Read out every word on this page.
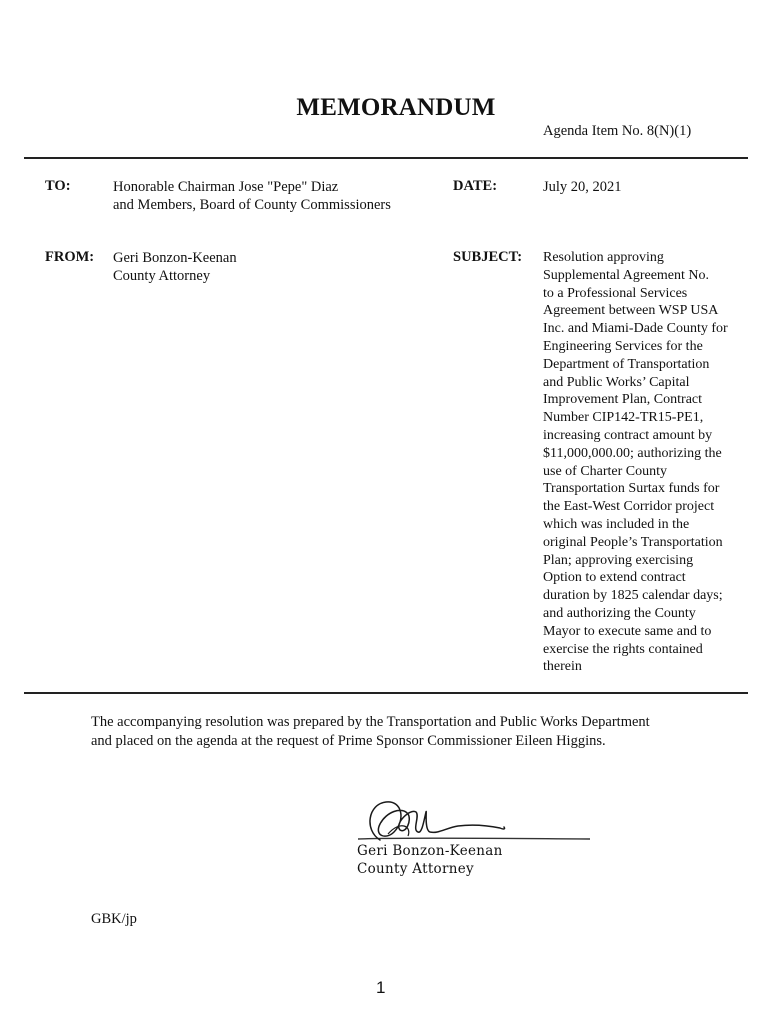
MEMORANDUM
Agenda Item No. 8(N)(1)
TO:	Honorable Chairman Jose "Pepe" Diaz
and Members, Board of County Commissioners
DATE:	July 20, 2021
FROM: Geri Bonzon-Keenan
County Attorney
SUBJECT: Resolution approving
Supplemental Agreement No.
to a Professional Services
Agreement between WSP USA
Inc. and Miami-Dade County for
Engineering Services for the
Department of Transportation
and Public Works’ Capital
Improvement Plan, Contract
Number CIP142-TR15-PE1,
increasing contract amount by
$11,000,000.00; authorizing the
use of Charter County
Transportation Surtax funds for
the East-West Corridor project
which was included in the
original People’s Transportation
Plan; approving exercising
Option to extend contract
duration by 1825 calendar days;
and authorizing the County
Mayor to execute same and to
exercise the rights contained
therein
The accompanying resolution was prepared by the Transportation and Public Works Department
and placed on the agenda at the request of Prime Sponsor Commissioner Eileen Higgins.
Geri Bonzon-Keenan
County Attorney
GBK/jp
1
